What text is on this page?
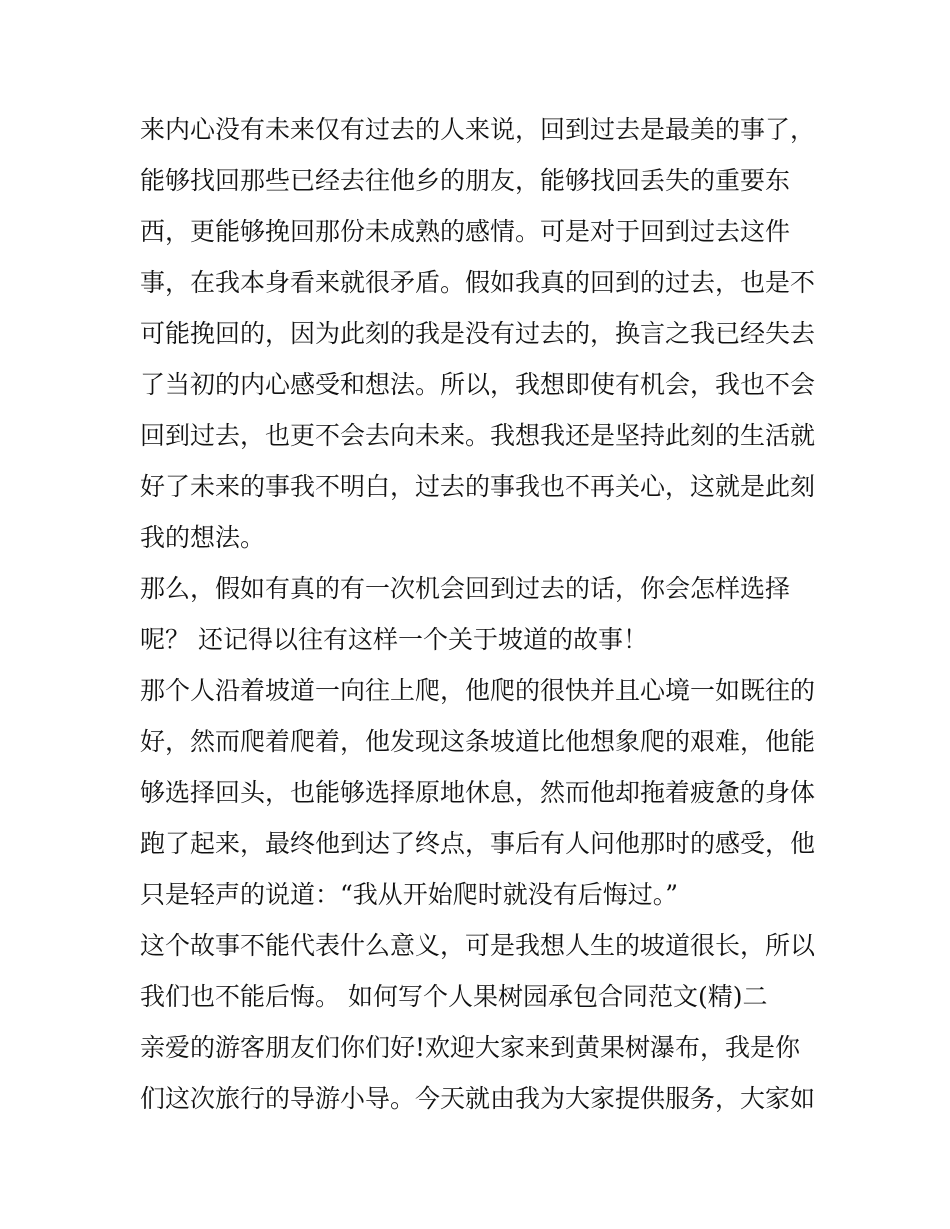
来内心没有未来仅有过去的人来说，回到过去是最美的事了，
能够找回那些已经去往他乡的朋友，能够找回丢失的重要东
西，更能够挽回那份未成熟的感情。可是对于回到过去这件
事，在我本身看来就很矛盾。假如我真的回到的过去，也是不
可能挽回的，因为此刻的我是没有过去的，换言之我已经失去
了当初的内心感受和想法。所以，我想即使有机会，我也不会
回到过去，也更不会去向未来。我想我还是坚持此刻的生活就
好了未来的事我不明白，过去的事我也不再关心，这就是此刻
我的想法。
那么，假如有真的有一次机会回到过去的话，你会怎样选择
呢？ 还记得以往有这样一个关于坡道的故事！
那个人沿着坡道一向往上爬，他爬的很快并且心境一如既往的
好，然而爬着爬着，他发现这条坡道比他想象爬的艰难，他能
够选择回头，也能够选择原地休息，然而他却拖着疲惫的身体
跑了起来，最终他到达了终点，事后有人问他那时的感受，他
只是轻声的说道：“我从开始爬时就没有后悔过。”
这个故事不能代表什么意义，可是我想人生的坡道很长，所以
我们也不能后悔。 如何写个人果树园承包合同范文(精)二
亲爱的游客朋友们你们好!欢迎大家来到黄果树瀑布，我是你
们这次旅行的导游小导。今天就由我为大家提供服务，大家如
